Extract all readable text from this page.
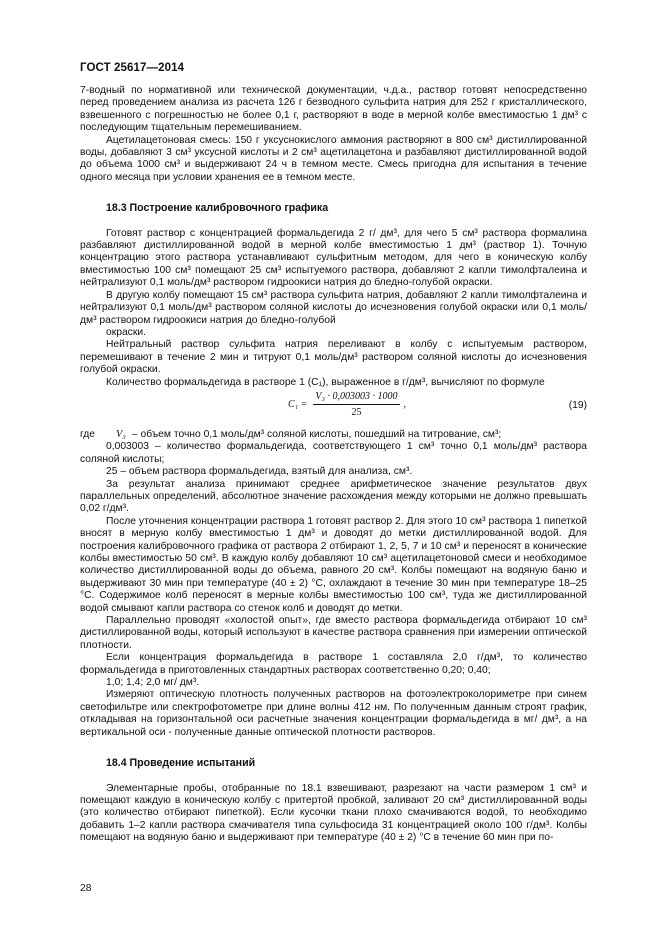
ГОСТ 25617—2014

7-водный по нормативной или технической документации, ч.д.а., раствор готовят непосредственно перед проведением анализа из расчета 126 г безводного сульфита натрия для 252 г кристаллического, взвешенного с погрешностью не более 0,1 г, растворяют в воде в мерной колбе вместимостью 1 дм³ с последующим тщательным перемешиванием.

Ацетилацетоновая смесь: 150 г уксуснокислого аммония растворяют в 800 см³ дистиллированной воды, добавляют 3 см³ уксусной кислоты и 2 см³ ацетилацетона и разбавляют дистиллированной водой до объема 1000 см³ и выдерживают 24 ч в темном месте. Смесь пригодна для испытания в течение одного месяца при условии хранения ее в темном месте.

18.3 Построение калибровочного графика

Готовят раствор с концентрацией формальдегида 2 г/ дм³, для чего 5 см³ раствора формалина разбавляют дистиллированной водой в мерной колбе вместимостью 1 дм³ (раствор 1). Точную концентрацию этого раствора устанавливают сульфитным методом, для чего в коническую колбу вместимостью 100 см³ помещают 25 см³ испытуемого раствора, добавляют 2 капли тимолфталеина и нейтрализуют 0,1 моль/дм³ раствором гидроокиси натрия до бледно-голубой окраски.

В другую колбу помещают 15 см³ раствора сульфита натрия, добавляют 2 капли тимолфталеина и нейтрализуют 0,1 моль/дм³ раствором соляной кислоты до исчезновения голубой окраски или 0,1 моль/дм³ раствором гидроокиси натрия до бледно-голубой

окраски.

Нейтральный раствор сульфита натрия переливают в колбу с испытуемым раствором, перемешивают в течение 2 мин и титруют 0,1 моль/дм³ раствором соляной кислоты до исчезновения голубой окраски.

Количество формальдегида в растворе 1 (C₁), выраженное в г/дм³, вычисляют по формуле

$C_1 = \frac{\text{V₃ · 0,003003 · 1000}}{25}$ ,	(19)

где V₃ – объем точно 0,1 моль/дм³ соляной кислоты, пошедший на титрование, см³;

0,003003 – количество формальдегида, соответствующего 1 см³ точно 0,1 моль/дм³ раствора соляной кислоты;

25 – объем раствора формальдегида, взятый для анализа, см³.

За результат анализа принимают среднее арифметическое значение результатов двух параллельных определений, абсолютное значение расхождения между которыми не должно превышать 0,02 г/дм³.

После уточнения концентрации раствора 1 готовят раствор 2. Для этого 10 см³ раствора 1 пипеткой вносят в мерную колбу вместимостью 1 дм³ и доводят до метки дистиллированной водой. Для построения калибровочного графика от раствора 2 отбирают 1, 2, 5, 7 и 10 см³ и переносят в конические колбы вместимостью 50 см³. В каждую колбу добавляют 10 см³ ацетилацетоновой смеси и необходимое количество дистиллированной воды до объема, равного 20 см³. Колбы помещают на водяную баню и выдерживают 30 мин при температуре (40 ± 2) °С, охлаждают в течение 30 мин при температуре 18–25 °С. Содержимое колб переносят в мерные колбы вместимостью 100 см³, туда же дистиллированной водой смывают капли раствора со стенок колб и доводят до метки.

Параллельно проводят «холостой опыт», где вместо раствора формальдегида отбирают 10 см³ дистиллированной воды, который используют в качестве раствора сравнения при измерении оптической плотности.

Если концентрация формальдегида в растворе 1 составляла 2,0 г/дм³, то количество формальдегида в приготовленных стандартных растворах соответственно 0,20; 0,40;

1,0; 1,4; 2,0 мг/ дм³.

Измеряют оптическую плотность полученных растворов на фотоэлектроколориметре при синем светофильтре или спектрофотометре при длине волны 412 нм. По полученным данным строят график, откладывая на горизонтальной оси расчетные значения концентрации формальдегида в мг/ дм³, а на вертикальной оси - полученные данные оптической плотности растворов.

18.4 Проведение испытаний

Элементарные пробы, отобранные по 18.1 взвешивают, разрезают на части размером 1 см³ и помещают каждую в коническую колбу с притертой пробкой, заливают 20 см³ дистиллированной воды (это количество отбирают пипеткой). Если кусочки ткани плохо смачиваются водой, то необходимо добавить 1–2 капли раствора смачивателя типа сульфосида 31 концентрацией около 100 г/дм³. Колбы помещают на водяную баню и выдерживают при температуре (40 ± 2) °С в течение 60 мин при по-

28
